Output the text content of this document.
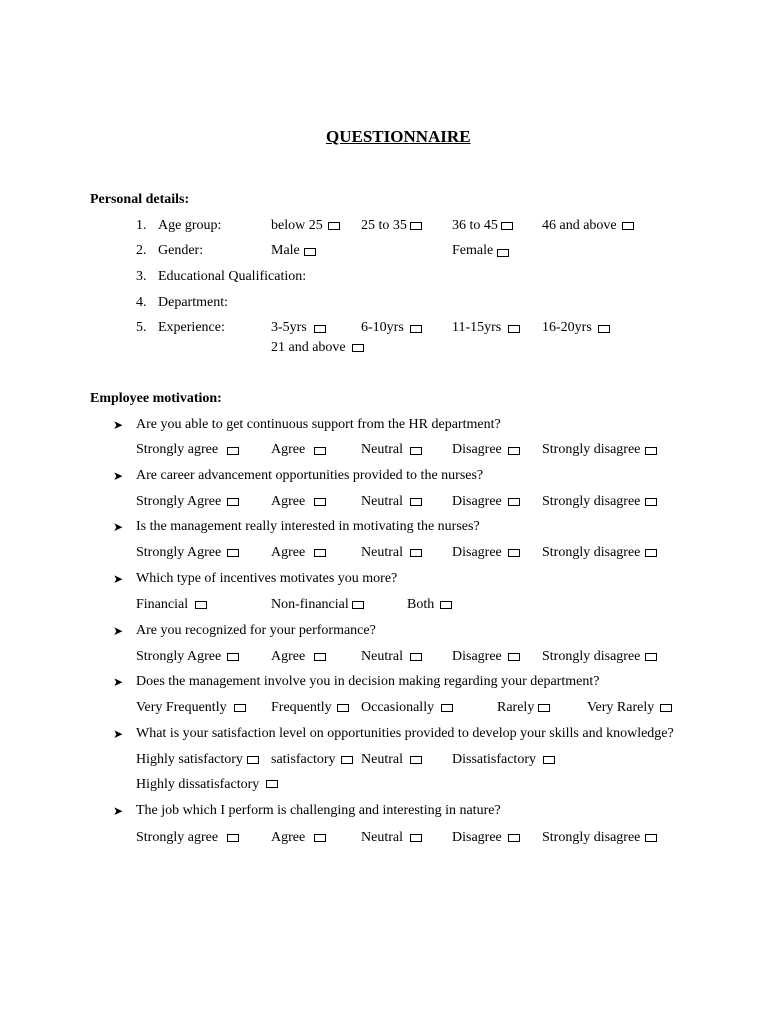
QUESTIONNAIRE
Personal details:
1. Age group:	below 25	25 to 35	36 to 45	46 and above
2. Gender:	Male	Female
3. Educational Qualification:
4. Department:
5. Experience:	3-5yrs	6-10yrs	11-15yrs	16-20yrs
21 and above
Employee motivation:
➤ Are you able to get continuous support from the HR department?
Strongly agree	Agree	Neutral	Disagree	Strongly disagree
➤ Are career advancement opportunities provided to the nurses?
Strongly Agree	Agree	Neutral	Disagree	Strongly disagree
➤ Is the management really interested in motivating the nurses?
Strongly Agree	Agree	Neutral	Disagree	Strongly disagree
➤ Which type of incentives motivates you more?
Financial	Non-financial	Both
➤ Are you recognized for your performance?
Strongly Agree	Agree	Neutral	Disagree	Strongly disagree
➤ Does the management involve you in decision making regarding your department?
Very Frequently	Frequently Occasionally	Rarely	Very Rarely
➤ What is your satisfaction level on opportunities provided to develop your skills and knowledge?
Highly satisfactory satisfactory Neutral	Dissatisfactory
Highly dissatisfactory
➤ The job which I perform is challenging and interesting in nature?
Strongly agree	Agree	Neutral	Disagree	Strongly disagree
